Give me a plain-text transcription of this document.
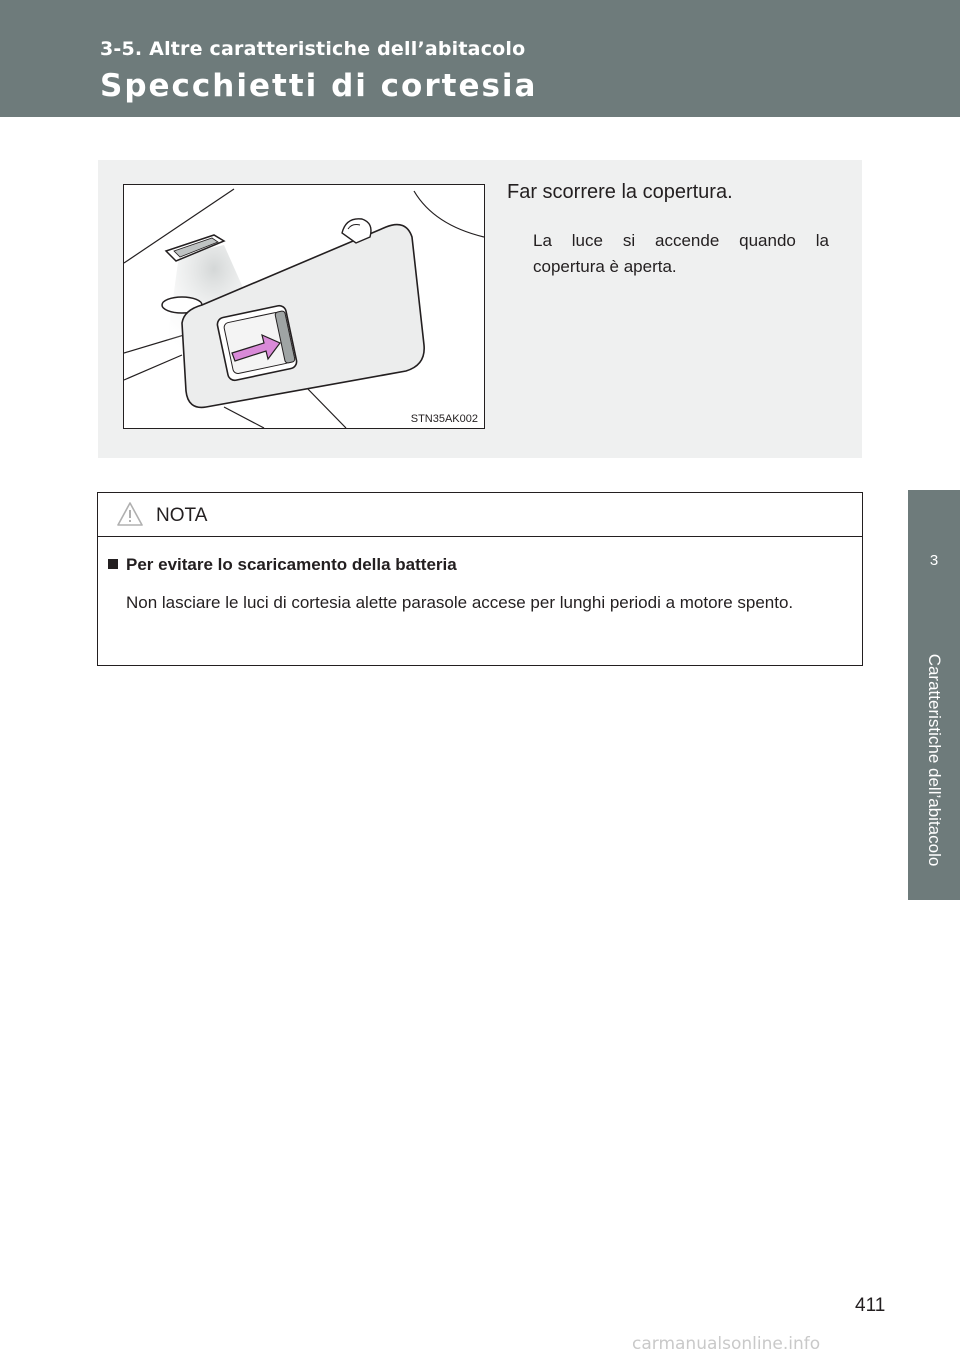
3-5. Altre caratteristiche dell’abitacolo
Specchietti di cortesia
3
Caratteristiche dell’abitacolo
STN35AK002
Far scorrere la copertura.
La luce si accende quando la copertura è aperta.
NOTA
Per evitare lo scaricamento della batteria
Non lasciare le luci di cortesia alette parasole accese per lunghi periodi a motore spento.
411
carmanualsonline.info
